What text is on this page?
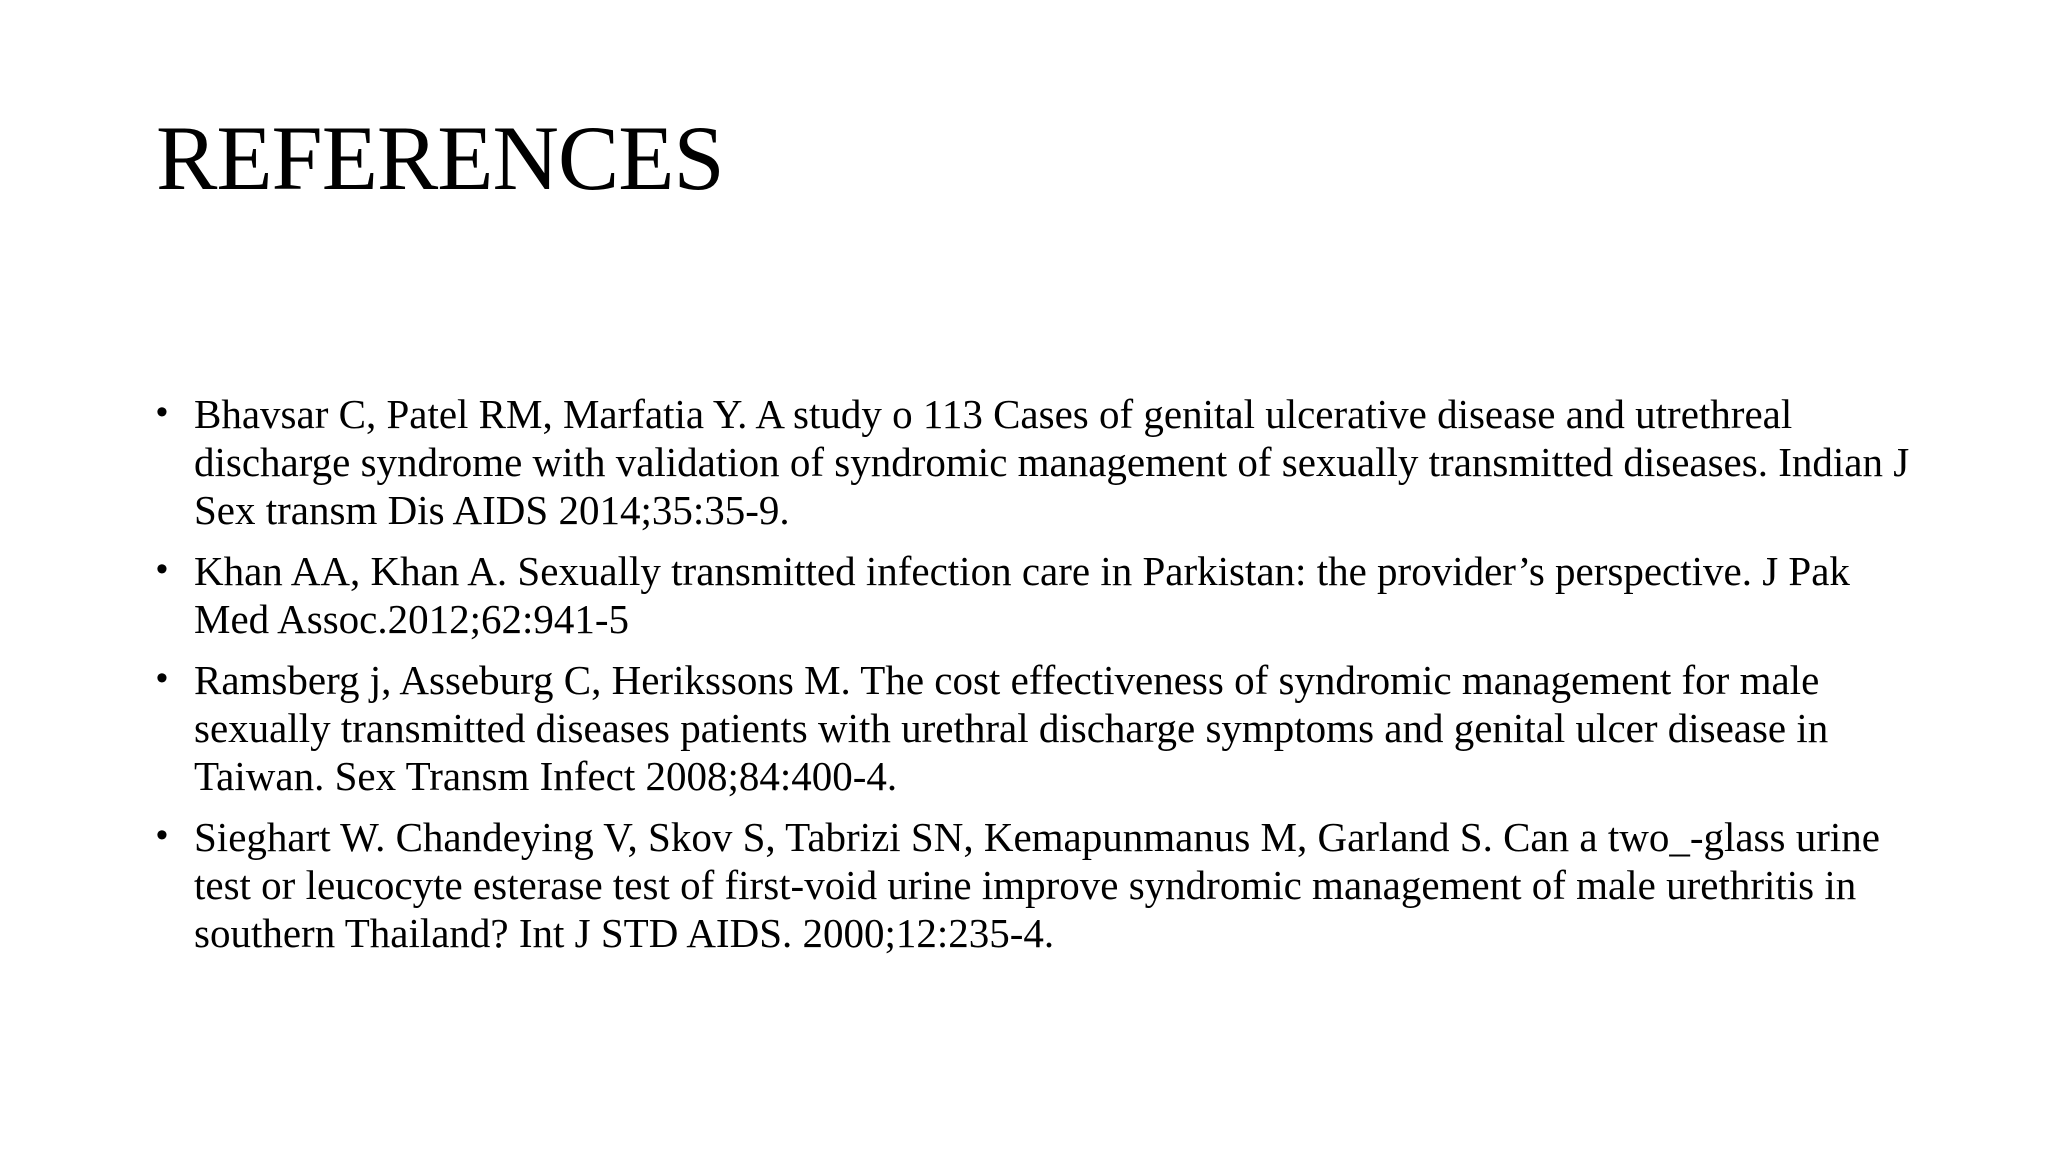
REFERENCES
• Bhavsar C, Patel RM, Marfatia Y. A study o 113 Cases of genital ulcerative disease and utrethreal discharge syndrome with validation of syndromic management of sexually transmitted diseases. Indian J Sex transm Dis AIDS 2014;35:35-9.
• Khan AA, Khan A. Sexually transmitted infection care in Parkistan: the provider’s perspective. J Pak Med Assoc.2012;62:941-5
• Ramsberg j, Asseburg C, Herikssons M. The cost effectiveness of syndromic management for male sexually transmitted diseases patients with urethral discharge symptoms and genital ulcer disease in Taiwan. Sex Transm Infect 2008;84:400-4.
• Sieghart W. Chandeying V, Skov S, Tabrizi SN, Kemapunmanus M, Garland S. Can a two_-glass urine test or leucocyte esterase test of first-void urine improve syndromic management of male urethritis in southern Thailand? Int J STD AIDS. 2000;12:235-4.
